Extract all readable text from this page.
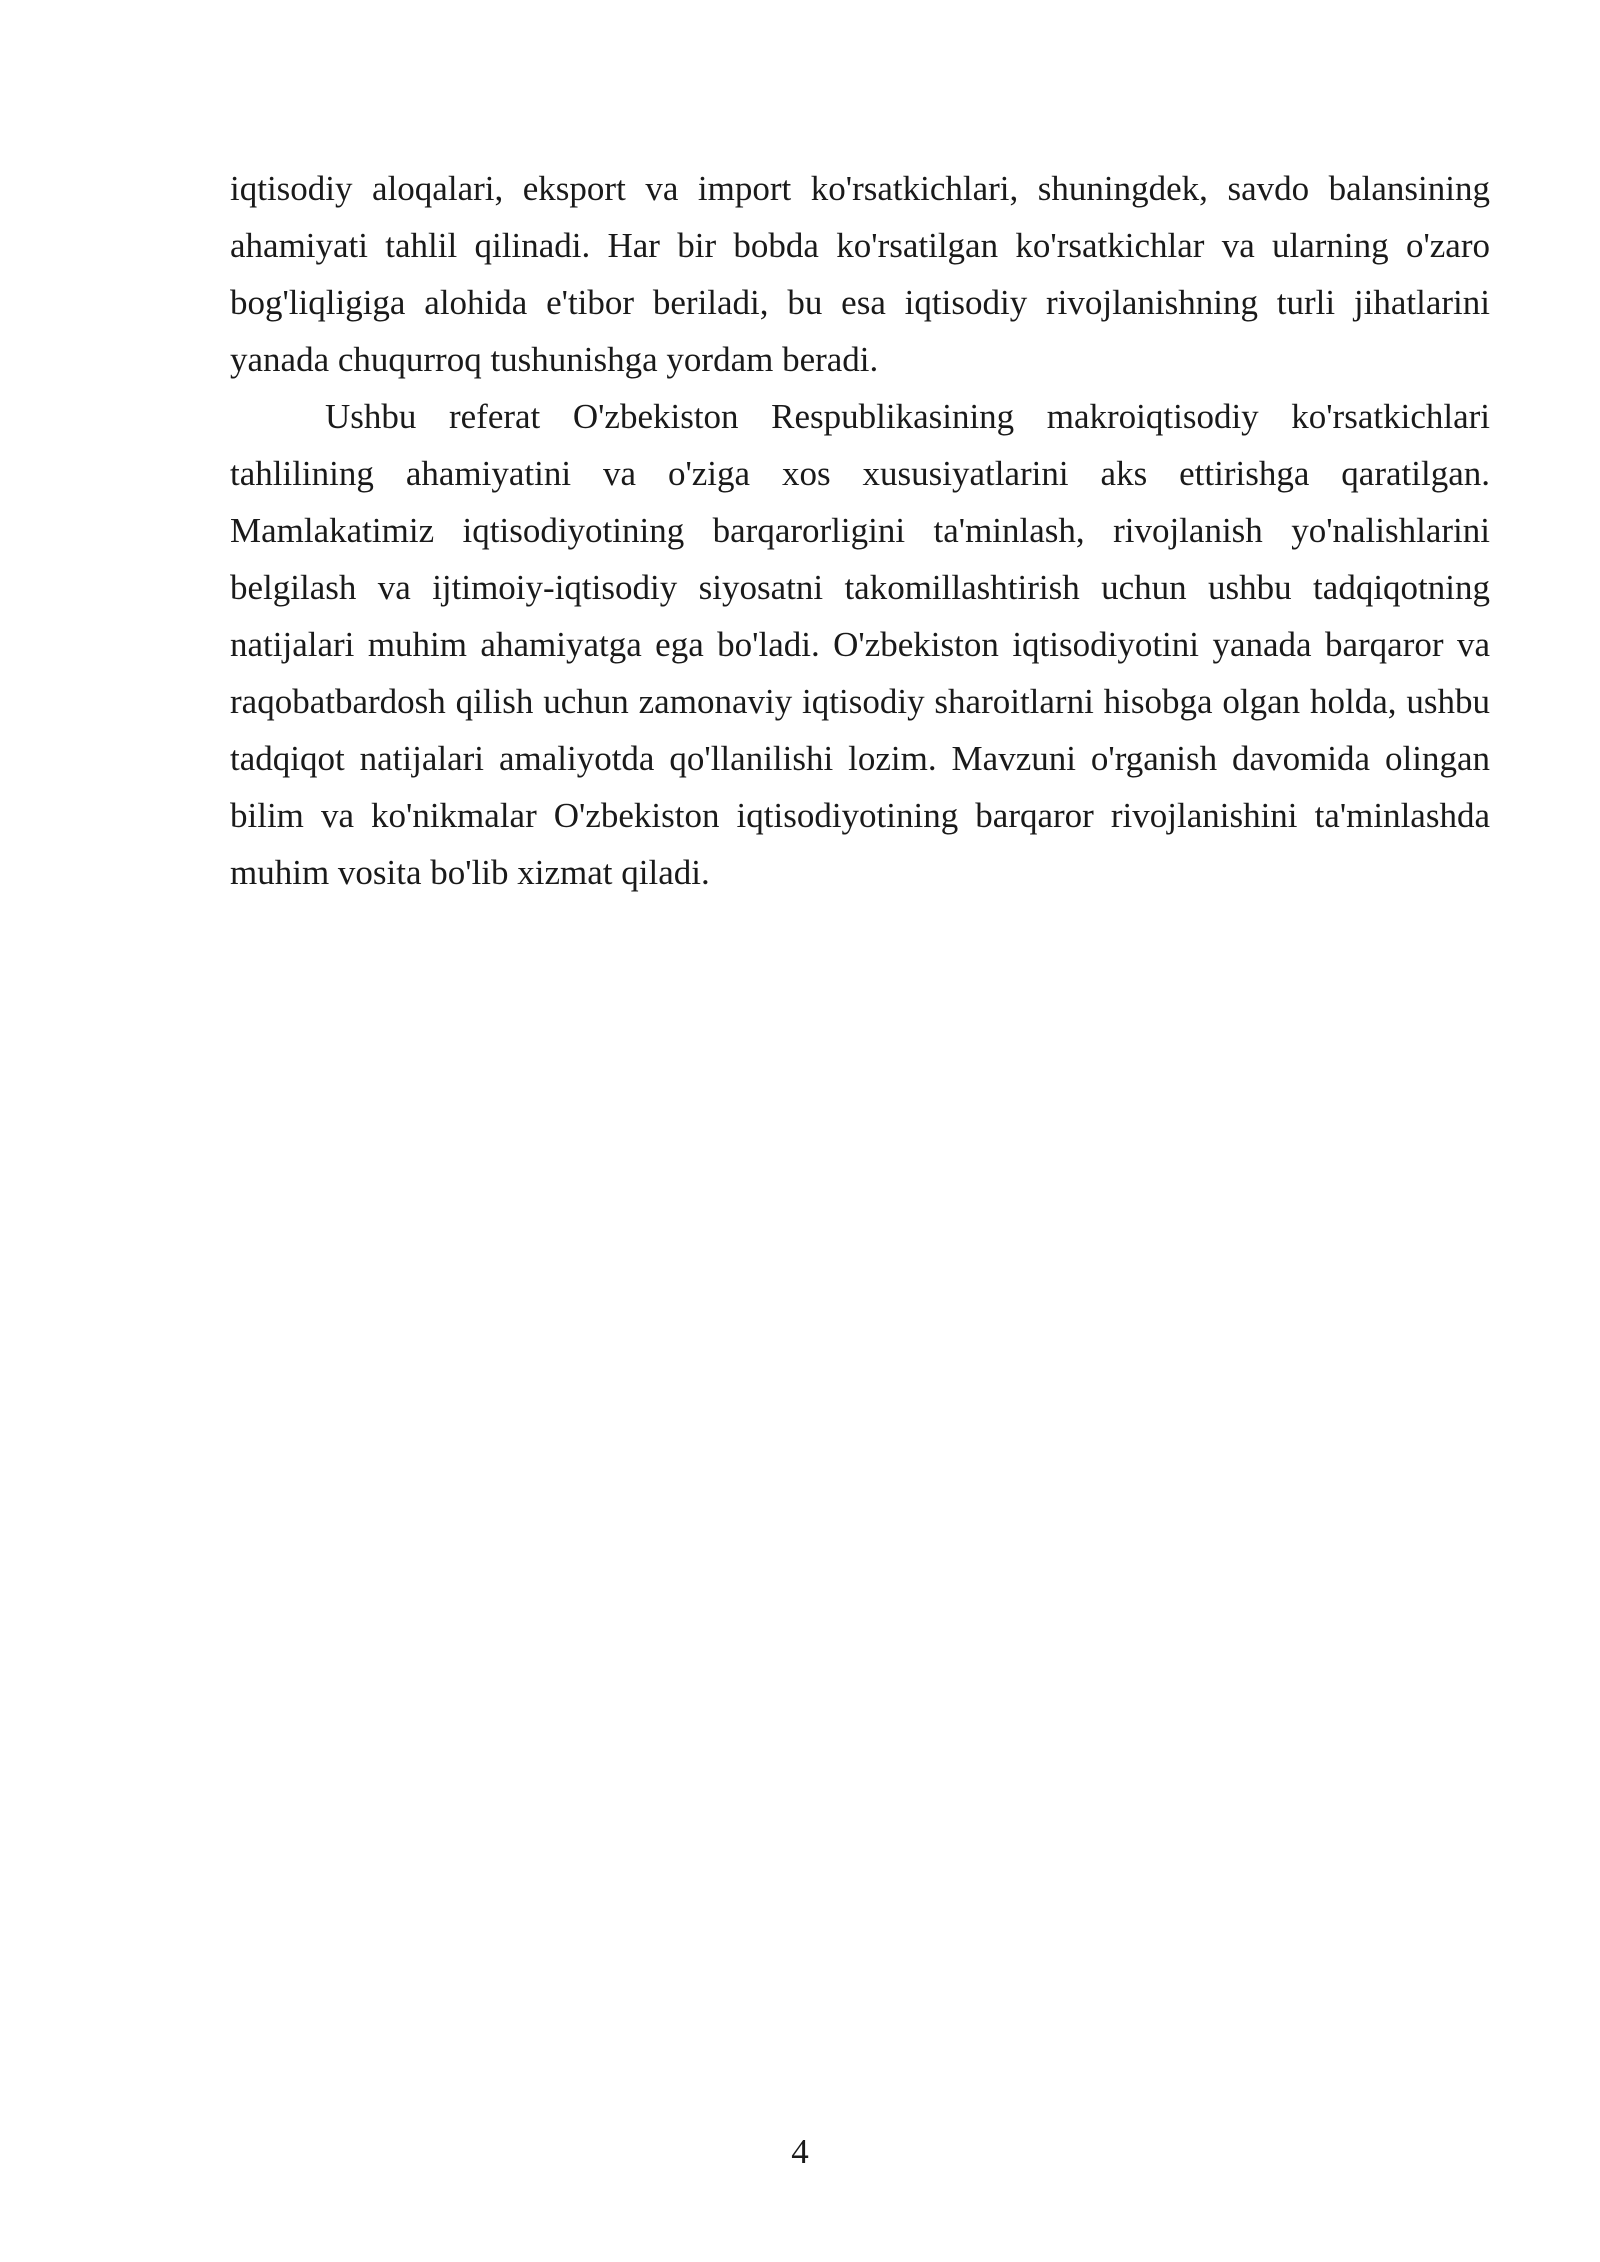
iqtisodiy aloqalari, eksport va import ko'rsatkichlari, shuningdek, savdo balansining ahamiyati tahlil qilinadi. Har bir bobda ko'rsatilgan ko'rsatkichlar va ularning o'zaro bog'liqligiga alohida e'tibor beriladi, bu esa iqtisodiy rivojlanishning turli jihatlarini yanada chuqurroq tushunishga yordam beradi.

Ushbu referat O'zbekiston Respublikasining makroiqtisodiy ko'rsatkichlari tahlilining ahamiyatini va o'ziga xos xususiyatlarini aks ettirishga qaratilgan. Mamlakatimiz iqtisodiyotining barqarorligini ta'minlash, rivojlanish yo'nalishlarini belgilash va ijtimoiy-iqtisodiy siyosatni takomillashtirish uchun ushbu tadqiqotning natijalari muhim ahamiyatga ega bo'ladi. O'zbekiston iqtisodiyotini yanada barqaror va raqobatbardosh qilish uchun zamonaviy iqtisodiy sharoitlarni hisobga olgan holda, ushbu tadqiqot natijalari amaliyotda qo'llanilishi lozim. Mavzuni o'rganish davomida olingan bilim va ko'nikmalar O'zbekiston iqtisodiyotining barqaror rivojlanishini ta'minlashda muhim vosita bo'lib xizmat qiladi.

4
